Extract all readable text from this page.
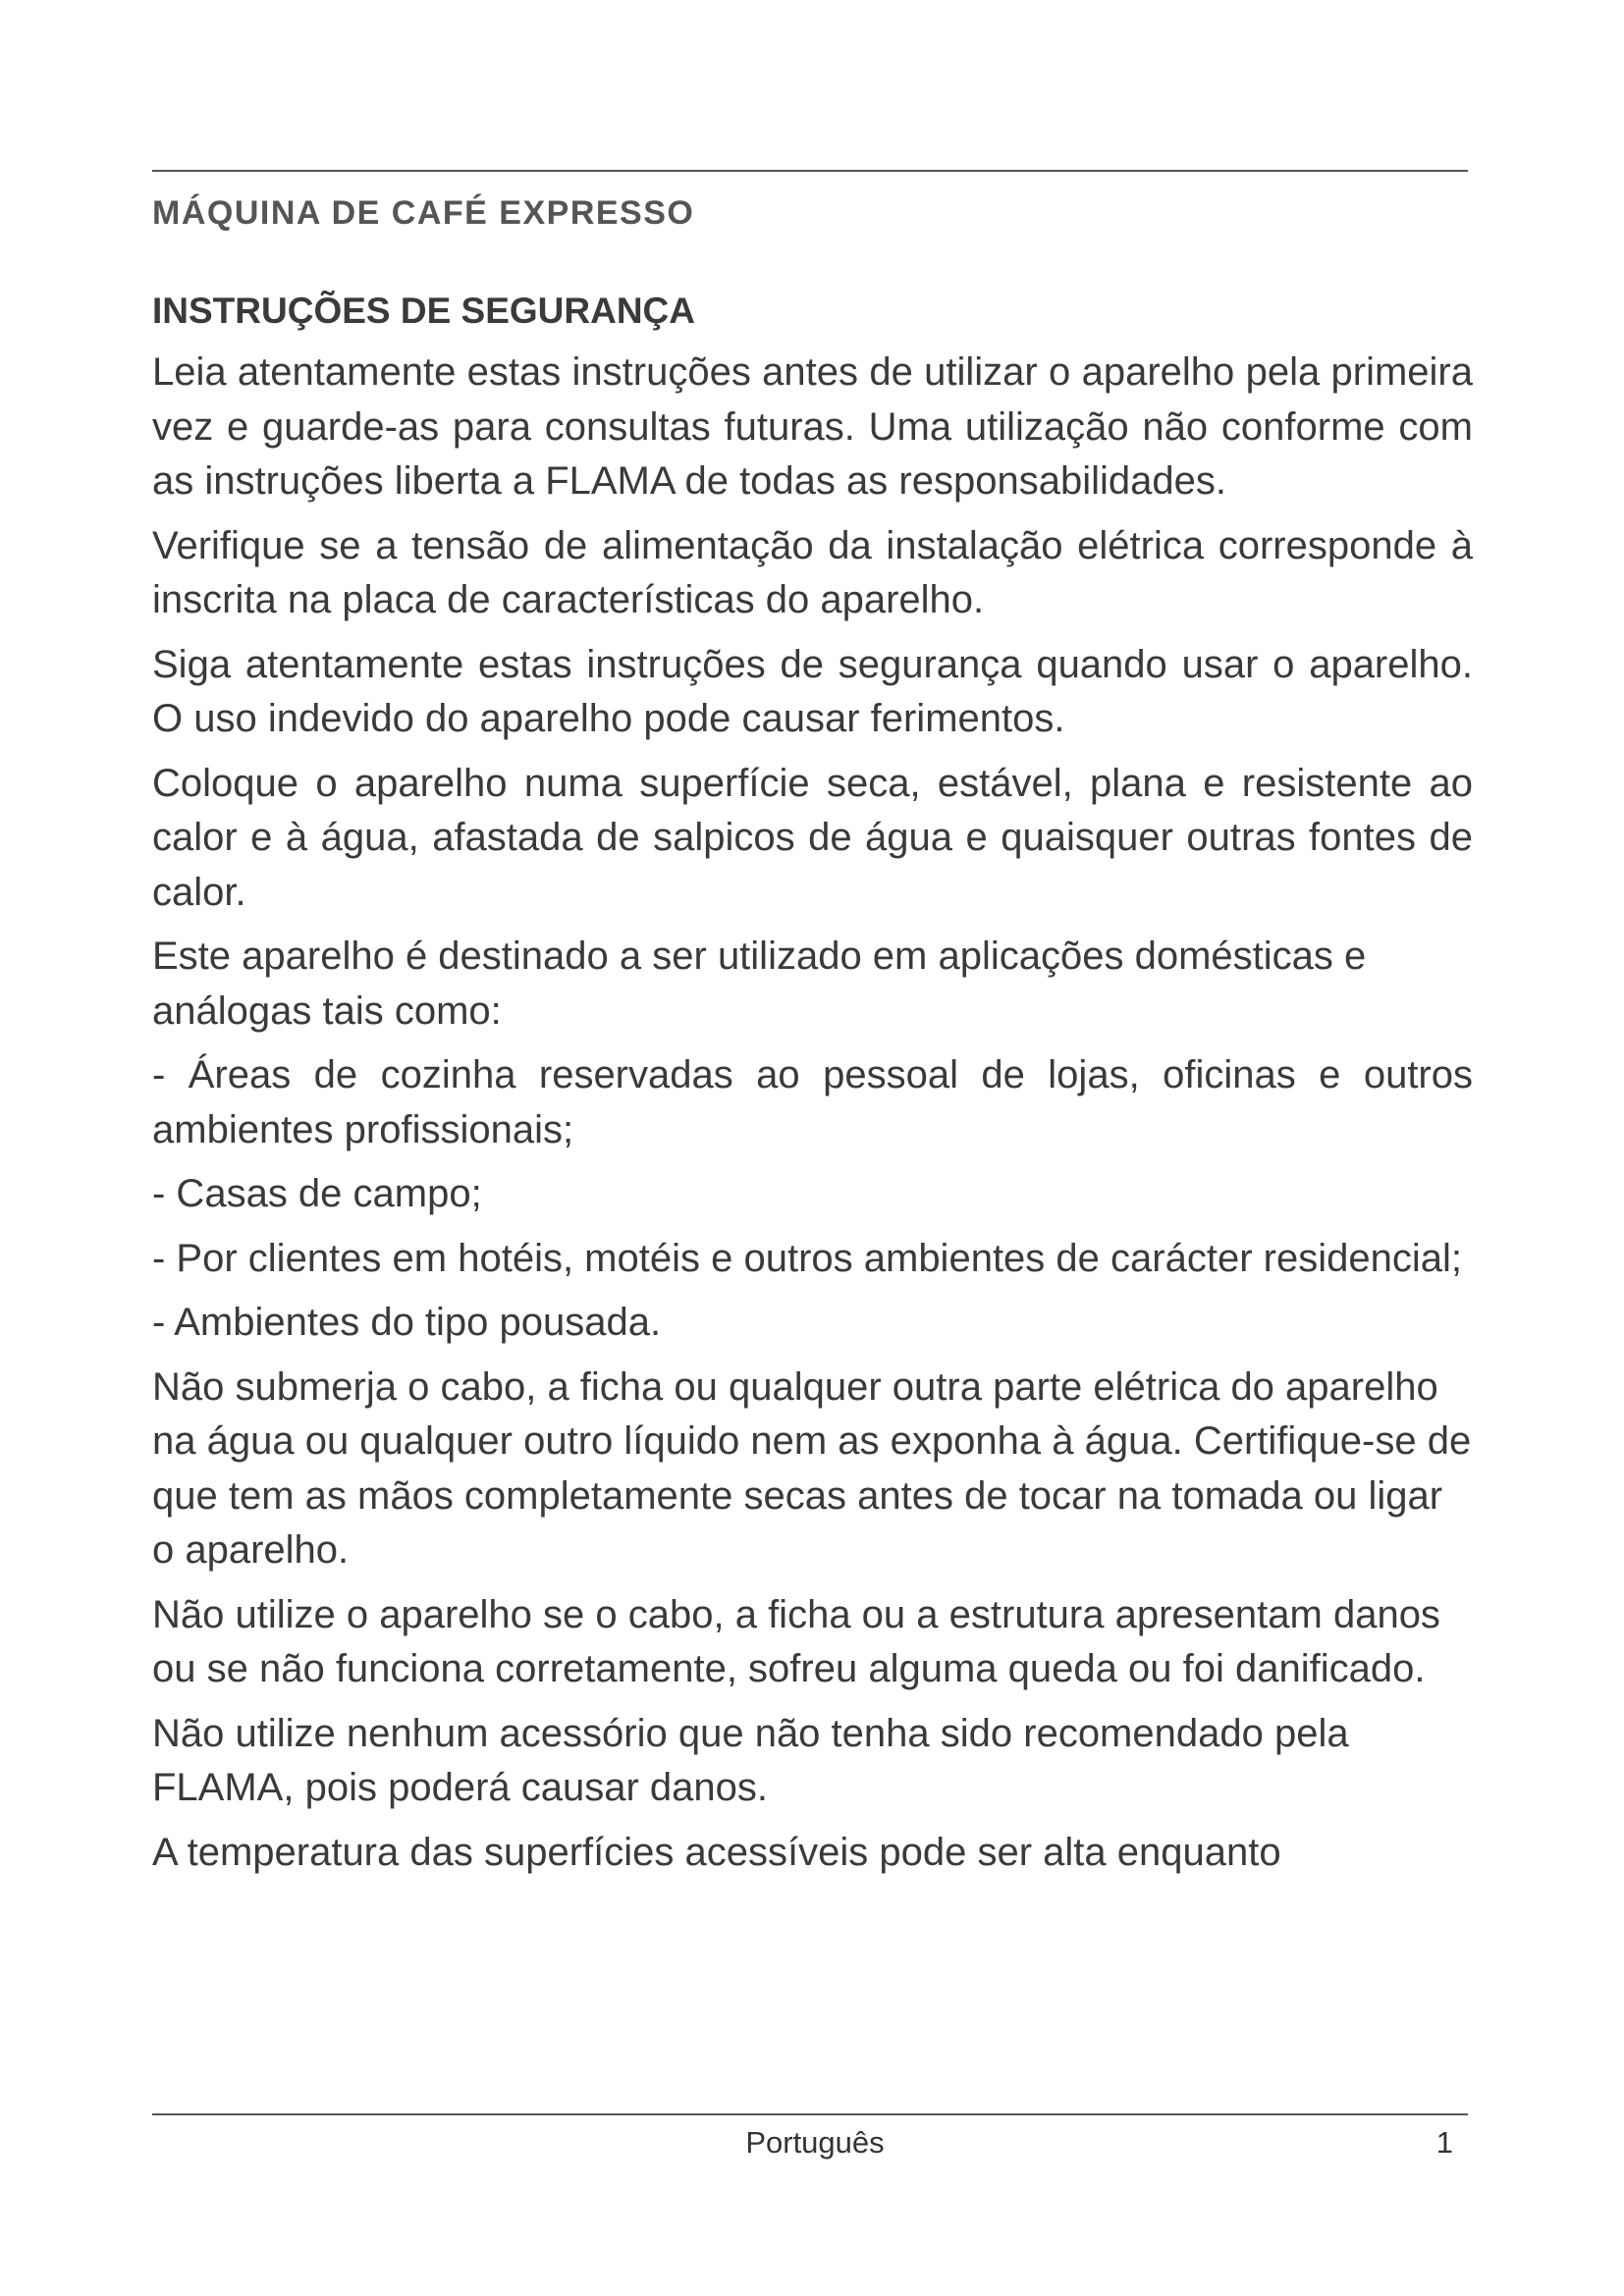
MÁQUINA DE CAFÉ EXPRESSO
INSTRUÇÕES DE SEGURANÇA

Leia atentamente estas instruções antes de utilizar o aparelho pela primeira vez e guarde-as para consultas futuras. Uma utilização não conforme com as instruções liberta a FLAMA de todas as responsabilidades.

Verifique se a tensão de alimentação da instalação elétrica corresponde à inscrita na placa de características do aparelho.

Siga atentamente estas instruções de segurança quando usar o aparelho. O uso indevido do aparelho pode causar ferimentos.

Coloque o aparelho numa superfície seca, estável, plana e resistente ao calor e à água, afastada de salpicos de água e quaisquer outras fontes de calor.

Este aparelho é destinado a ser utilizado em aplicações domésticas e análogas tais como:

- Áreas de cozinha reservadas ao pessoal de lojas, oficinas e outros ambientes profissionais;

- Casas de campo;

- Por clientes em hotéis, motéis e outros ambientes de carácter residencial;

- Ambientes do tipo pousada.

Não submerja o cabo, a ficha ou qualquer outra parte elétrica do aparelho na água ou qualquer outro líquido nem as exponha à água. Certifique-se de que tem as mãos completamente secas antes de tocar na tomada ou ligar o aparelho.

Não utilize o aparelho se o cabo, a ficha ou a estrutura apresentam danos ou se não funciona corretamente, sofreu alguma queda ou foi danificado.

Não utilize nenhum acessório que não tenha sido recomendado pela FLAMA, pois poderá causar danos.

A temperatura das superfícies acessíveis pode ser alta enquanto

Português	1
